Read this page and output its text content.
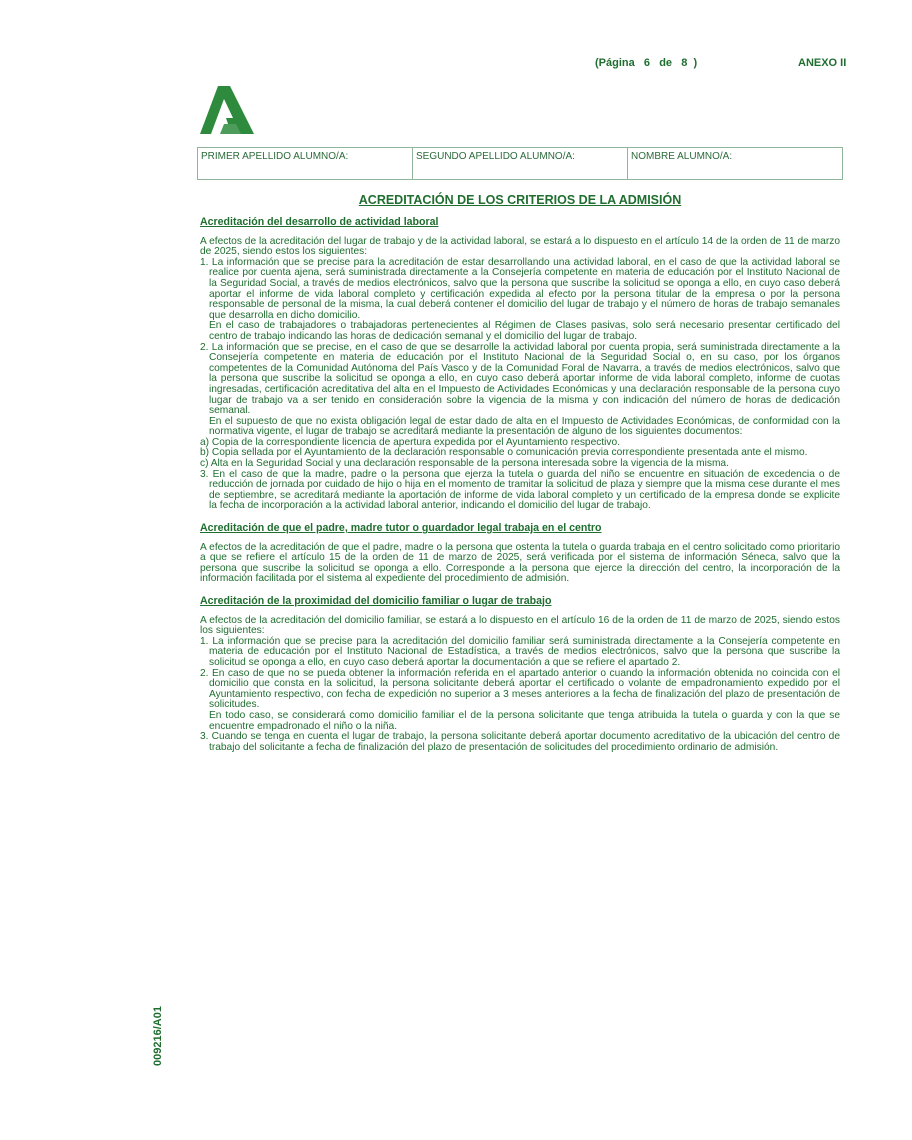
(Página 6 de 8 )	ANEXO II
PRIMER APELLIDO ALUMNO/A:	SEGUNDO APELLIDO ALUMNO/A:	NOMBRE ALUMNO/A:
ACREDITACIÓN DE LOS CRITERIOS DE LA ADMISIÓN
Acreditación del desarrollo de actividad laboral

A efectos de la acreditación del lugar de trabajo y de la actividad laboral, se estará a lo dispuesto en el artículo 14 de la orden de 11 de marzo de 2025, siendo estos los siguientes:

1. La información que se precise para la acreditación de estar desarrollando una actividad laboral, en el caso de que la actividad laboral se realice por cuenta ajena, será suministrada directamente a la Consejería competente en materia de educación por el Instituto Nacional de la Seguridad Social, a través de medios electrónicos, salvo que la persona que suscribe la solicitud se oponga a ello, en cuyo caso deberá aportar el informe de vida laboral completo y certificación expedida al efecto por la persona titular de la empresa o por la persona responsable de personal de la misma, la cual deberá contener el domicilio del lugar de trabajo y el número de horas de trabajo semanales que desarrolla en dicho domicilio.
En el caso de trabajadores o trabajadoras pertenecientes al Régimen de Clases pasivas, solo será necesario presentar certificado del centro de trabajo indicando las horas de dedicación semanal y el domicilio del lugar de trabajo.
2. La información que se precise, en el caso de que se desarrolle la actividad laboral por cuenta propia, será suministrada directamente a la Consejería competente en materia de educación por el Instituto Nacional de la Seguridad Social o, en su caso, por los órganos competentes de la Comunidad Autónoma del País Vasco y de la Comunidad Foral de Navarra, a través de medios electrónicos, salvo que la persona que suscribe la solicitud se oponga a ello, en cuyo caso deberá aportar informe de vida laboral completo, informe de cuotas ingresadas, certificación acreditativa del alta en el Impuesto de Actividades Económicas y una declaración responsable de la persona cuyo lugar de trabajo va a ser tenido en consideración sobre la vigencia de la misma y con indicación del número de horas de dedicación semanal.
En el supuesto de que no exista obligación legal de estar dado de alta en el Impuesto de Actividades Económicas, de conformidad con la normativa vigente, el lugar de trabajo se acreditará mediante la presentación de alguno de los siguientes documentos:
a) Copia de la correspondiente licencia de apertura expedida por el Ayuntamiento respectivo.
b) Copia sellada por el Ayuntamiento de la declaración responsable o comunicación previa correspondiente presentada ante el mismo.
c) Alta en la Seguridad Social y una declaración responsable de la persona interesada sobre la vigencia de la misma.
3. En el caso de que la madre, padre o la persona que ejerza la tutela o guarda del niño se encuentre en situación de excedencia o de reducción de jornada por cuidado de hijo o hija en el momento de tramitar la solicitud de plaza y siempre que la misma cese durante el mes de septiembre, se acreditará mediante la aportación de informe de vida laboral completo y un certificado de la empresa donde se explicite la fecha de incorporación a la actividad laboral anterior, indicando el domicilio del lugar de trabajo.
Acreditación de que el padre, madre tutor o guardador legal trabaja en el centro

A efectos de la acreditación de que el padre, madre o la persona que ostenta la tutela o guarda trabaja en el centro solicitado como prioritario a que se refiere el artículo 15 de la orden de 11 de marzo de 2025, será verificada por el sistema de información Séneca, salvo que la persona que suscribe la solicitud se oponga a ello. Corresponde a la persona que ejerce la dirección del centro, la incorporación de la información facilitada por el sistema al expediente del procedimiento de admisión.

Acreditación de la proximidad del domicilio familiar o lugar de trabajo

A efectos de la acreditación del domicilio familiar, se estará a lo dispuesto en el artículo 16 de la orden de 11 de marzo de 2025, siendo estos los siguientes:

1. La información que se precise para la acreditación del domicilio familiar será suministrada directamente a la Consejería competente en materia de educación por el Instituto Nacional de Estadística, a través de medios electrónicos, salvo que la persona que suscribe la solicitud se oponga a ello, en cuyo caso deberá aportar la documentación a que se refiere el apartado 2.
2. En caso de que no se pueda obtener la información referida en el apartado anterior o cuando la información obtenida no coincida con el domicilio que consta en la solicitud, la persona solicitante deberá aportar el certificado o volante de empadronamiento expedido por el Ayuntamiento respectivo, con fecha de expedición no superior a 3 meses anteriores a la fecha de finalización del plazo de presentación de solicitudes.
En todo caso, se considerará como domicilio familiar el de la persona solicitante que tenga atribuida la tutela o guarda y con la que se encuentre empadronado el niño o la niña.
3. Cuando se tenga en cuenta el lugar de trabajo, la persona solicitante deberá aportar documento acreditativo de la ubicación del centro de trabajo del solicitante a fecha de finalización del plazo de presentación de solicitudes del procedimiento ordinario de admisión.
009216/A01
